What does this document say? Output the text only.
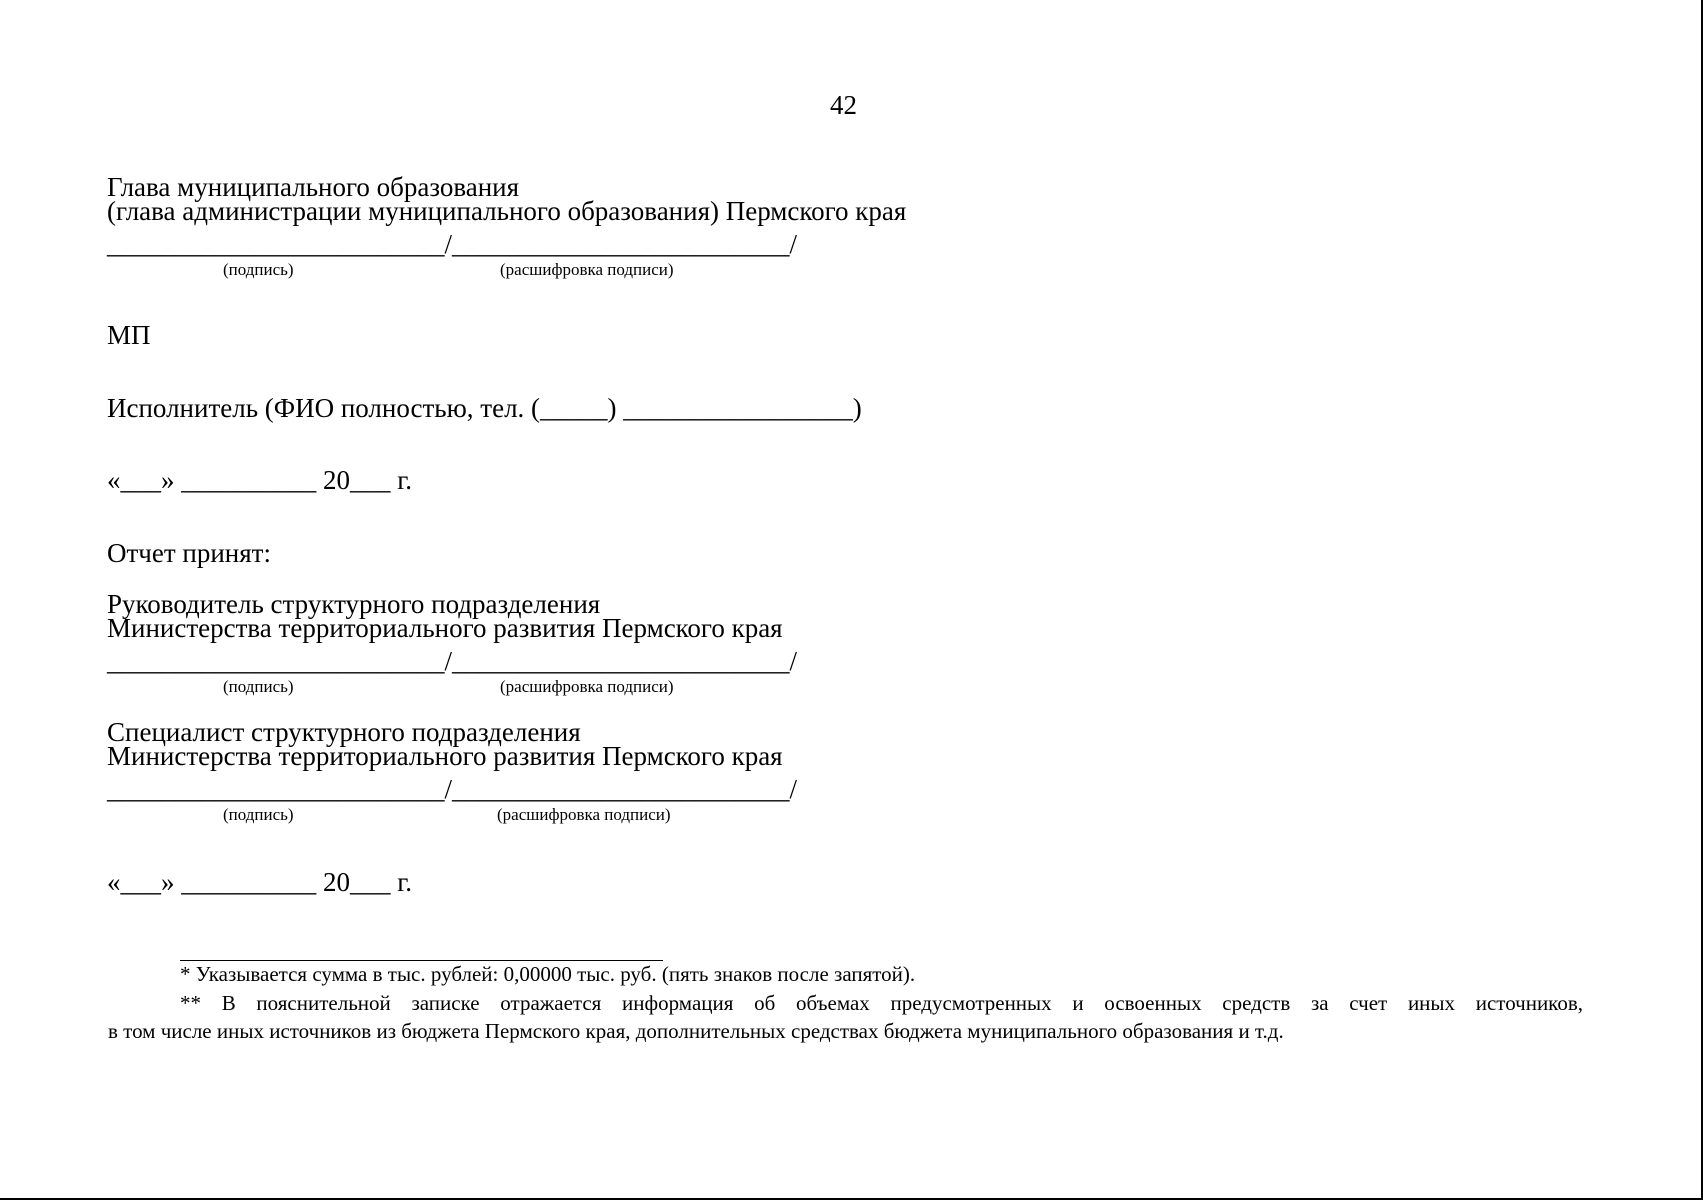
42
Глава муниципального образования
(глава администрации муниципального образования) Пермского края
_________________________/_________________________/
(подпись)	(расшифровка подписи)
МП
Исполнитель (ФИО полностью, тел. (_____) _________________)
«___» __________ 20___ г.
Отчет принят:
Руководитель структурного подразделения
Министерства территориального развития Пермского края
_________________________/_________________________/
(подпись)	(расшифровка подписи)
Специалист структурного подразделения
Министерства территориального развития Пермского края
_________________________/_________________________/
(подпись)	(расшифровка подписи)
«___» __________ 20___ г.
* Указывается сумма в тыс. рублей: 0,00000 тыс. руб. (пять знаков после запятой).
** В пояснительной записке отражается информация об объемах предусмотренных и освоенных средств за счет иных источников,
в том числе иных источников из бюджета Пермского края, дополнительных средствах бюджета муниципального образования и т.д.
